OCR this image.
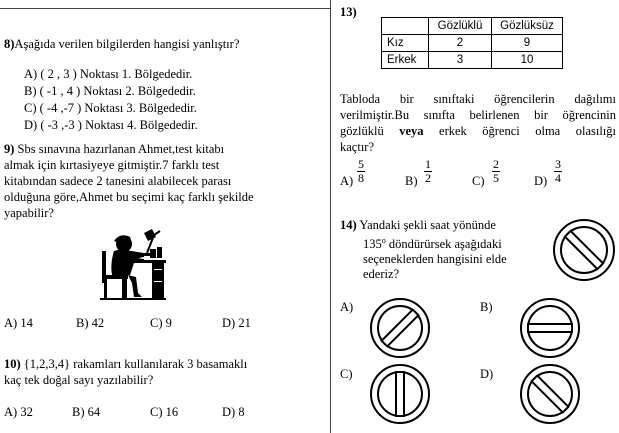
8)Aşağıda verilen bilgilerden hangisi yanlıştır?
A) ( 2 , 3 ) Noktası 1. Bölgededir.
B) ( -1 , 4 ) Noktası 2. Bölgededir.
C) ( -4 ,-7 ) Noktası 3. Bölgededir.
D) ( -3 ,-3 ) Noktası 4. Bölgededir.
9) Sbs sınavına hazırlanan Ahmet,test kitabı
almak için kırtasiyeye gitmiştir.7 farklı test
kitabından sadece 2 tanesini alabilecek parası
olduğuna göre,Ahmet bu seçimi kaç farklı şekilde
yapabilir?
A) 14	B) 42	C) 9	D) 21
10) {1,2,3,4} rakamları kullanılarak 3 basamaklı
kaç tek doğal sayı yazılabilir?
A) 32	B) 64	C) 16	D) 8
13)
	Gözlüklü	Gözlüksüz
Kız	2	9
Erkek	3	10
Tabloda bir sınıftaki öğrencilerin dağılımı
verilmiştir.Bu sınıfta belirlenen bir öğrencinin
gözlüklü veya erkek öğrenci olma olasılığı
kaçtır?
$A) \frac{5}{8}$	$B) \frac{1}{2}$	$C) \frac{2}{5}$	$D) \frac{3}{4}$
14) Yandaki şekli saat yönünde
135$^o$ döndürürsek aşağıdaki
seçeneklerden hangisini elde
ederiz?
A)	B)
C)	D)
